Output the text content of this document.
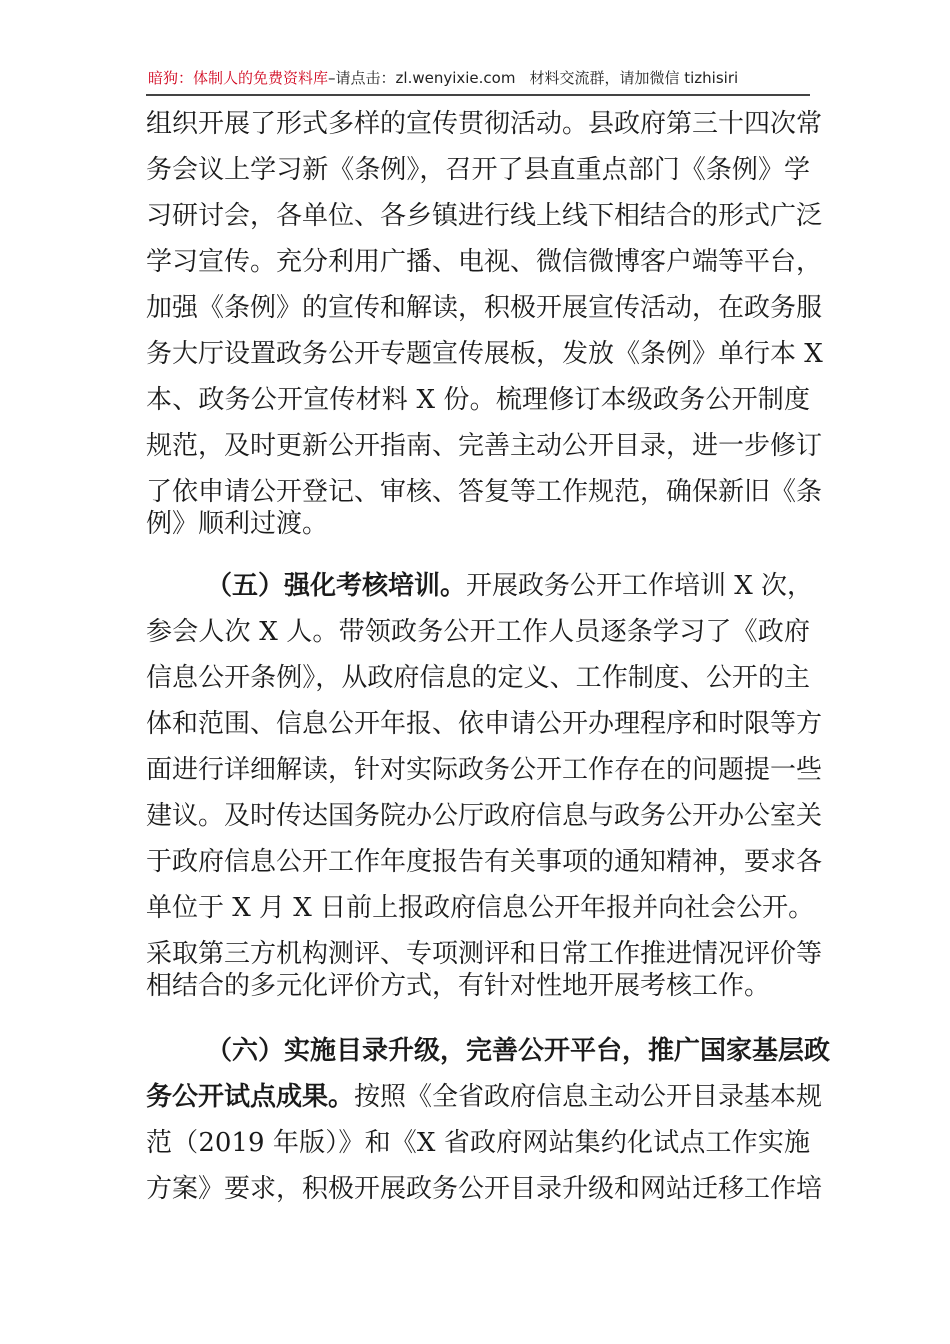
暗狗：体制人的免费资料库–请点击：zl.wenyixie.com 材料交流群，请加微信 tizhisiri
组织开展了形式多样的宣传贯彻活动。县政府第三十四次常
务会议上学习新《条例》，召开了县直重点部门《条例》学
习研讨会，各单位、各乡镇进行线上线下相结合的形式广泛
学习宣传。充分利用广播、电视、微信微博客户端等平台，
加强《条例》的宣传和解读，积极开展宣传活动，在政务服
务大厅设置政务公开专题宣传展板，发放《条例》单行本 X
本、政务公开宣传材料 X 份。梳理修订本级政务公开制度
规范，及时更新公开指南、完善主动公开目录，进一步修订
了依申请公开登记、审核、答复等工作规范，确保新旧《条
例》顺利过渡。
（五）强化考核培训。开展政务公开工作培训 X 次，
参会人次 X 人。带领政务公开工作人员逐条学习了《政府
信息公开条例》，从政府信息的定义、工作制度、公开的主
体和范围、信息公开年报、依申请公开办理程序和时限等方
面进行详细解读，针对实际政务公开工作存在的问题提一些
建议。及时传达国务院办公厅政府信息与政务公开办公室关
于政府信息公开工作年度报告有关事项的通知精神，要求各
单位于 X 月 X 日前上报政府信息公开年报并向社会公开。
采取第三方机构测评、专项测评和日常工作推进情况评价等
相结合的多元化评价方式，有针对性地开展考核工作。
（六）实施目录升级，完善公开平台，推广国家基层政
务公开试点成果。按照《全省政府信息主动公开目录基本规
范（2019 年版）》和《X 省政府网站集约化试点工作实施
方案》要求，积极开展政务公开目录升级和网站迁移工作培
